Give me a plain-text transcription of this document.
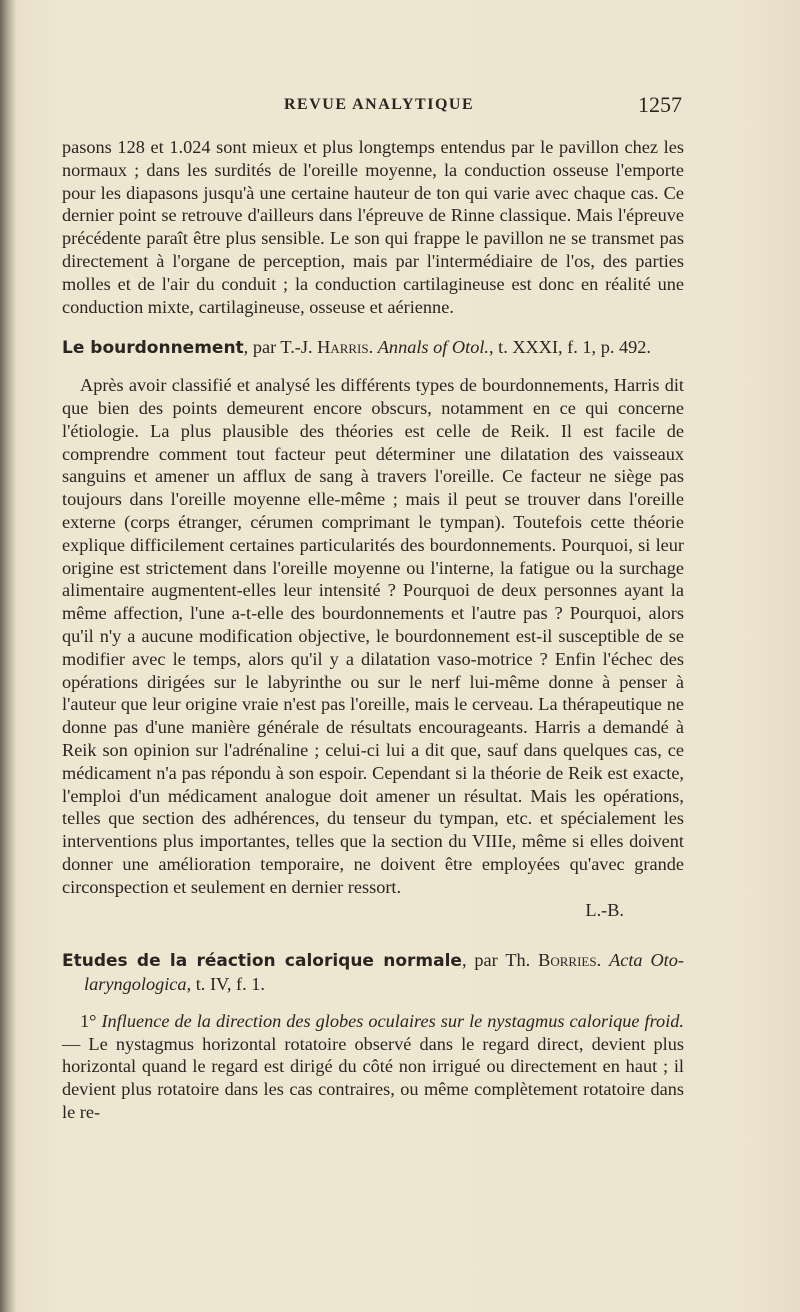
REVUE ANALYTIQUE	1257

pasons 128 et 1.024 sont mieux et plus longtemps entendus par le pavillon chez les normaux ; dans les surdités de l'oreille moyenne, la conduction osseuse l'emporte pour les diapasons jusqu'à une certaine hauteur de ton qui varie avec chaque cas. Ce dernier point se retrouve d'ailleurs dans l'épreuve de Rinne classique. Mais l'épreuve précédente paraît être plus sensible. Le son qui frappe le pavillon ne se transmet pas directement à l'organe de perception, mais par l'intermédiaire de l'os, des parties molles et de l'air du conduit ; la conduction cartilagineuse est donc en réalité une conduction mixte, cartilagineuse, osseuse et aérienne.

Le bourdonnement, par T.-J. Harris. Annals of Otol., t. XXXI, f. 1, p. 492.

Après avoir classifié et analysé les différents types de bourdonnements, Harris dit que bien des points demeurent encore obscurs, notamment en ce qui concerne l'étiologie. La plus plausible des théories est celle de Reik. Il est facile de comprendre comment tout facteur peut déterminer une dilatation des vaisseaux sanguins et amener un afflux de sang à travers l'oreille. Ce facteur ne siège pas toujours dans l'oreille moyenne elle-même ; mais il peut se trouver dans l'oreille externe (corps étranger, cérumen comprimant le tympan). Toutefois cette théorie explique difficilement certaines particularités des bourdonnements. Pourquoi, si leur origine est strictement dans l'oreille moyenne ou l'interne, la fatigue ou la surchage alimentaire augmentent-elles leur intensité ? Pourquoi de deux personnes ayant la même affection, l'une a-t-elle des bourdonnements et l'autre pas ? Pourquoi, alors qu'il n'y a aucune modification objective, le bourdonnement est-il susceptible de se modifier avec le temps, alors qu'il y a dilatation vaso-motrice ? Enfin l'échec des opérations dirigées sur le labyrinthe ou sur le nerf lui-même donne à penser à l'auteur que leur origine vraie n'est pas l'oreille, mais le cerveau. La thérapeutique ne donne pas d'une manière générale de résultats encourageants. Harris a demandé à Reik son opinion sur l'adrénaline ; celui-ci lui a dit que, sauf dans quelques cas, ce médicament n'a pas répondu à son espoir. Cependant si la théorie de Reik est exacte, l'emploi d'un médicament analogue doit amener un résultat. Mais les opérations, telles que section des adhérences, du tenseur du tympan, etc. et spécialement les interventions plus importantes, telles que la section du VIIIe, même si elles doivent donner une amélioration temporaire, ne doivent être employées qu'avec grande circonspection et seulement en dernier ressort.

L.-B.

Etudes de la réaction calorique normale, par Th. Borries. Acta Oto-laryngologica, t. IV, f. 1.

1° Influence de la direction des globes oculaires sur le nystagmus calorique froid. — Le nystagmus horizontal rotatoire observé dans le regard direct, devient plus horizontal quand le regard est dirigé du côté non irrigué ou directement en haut ; il devient plus rotatoire dans les cas contraires, ou même complètement rotatoire dans le re-
